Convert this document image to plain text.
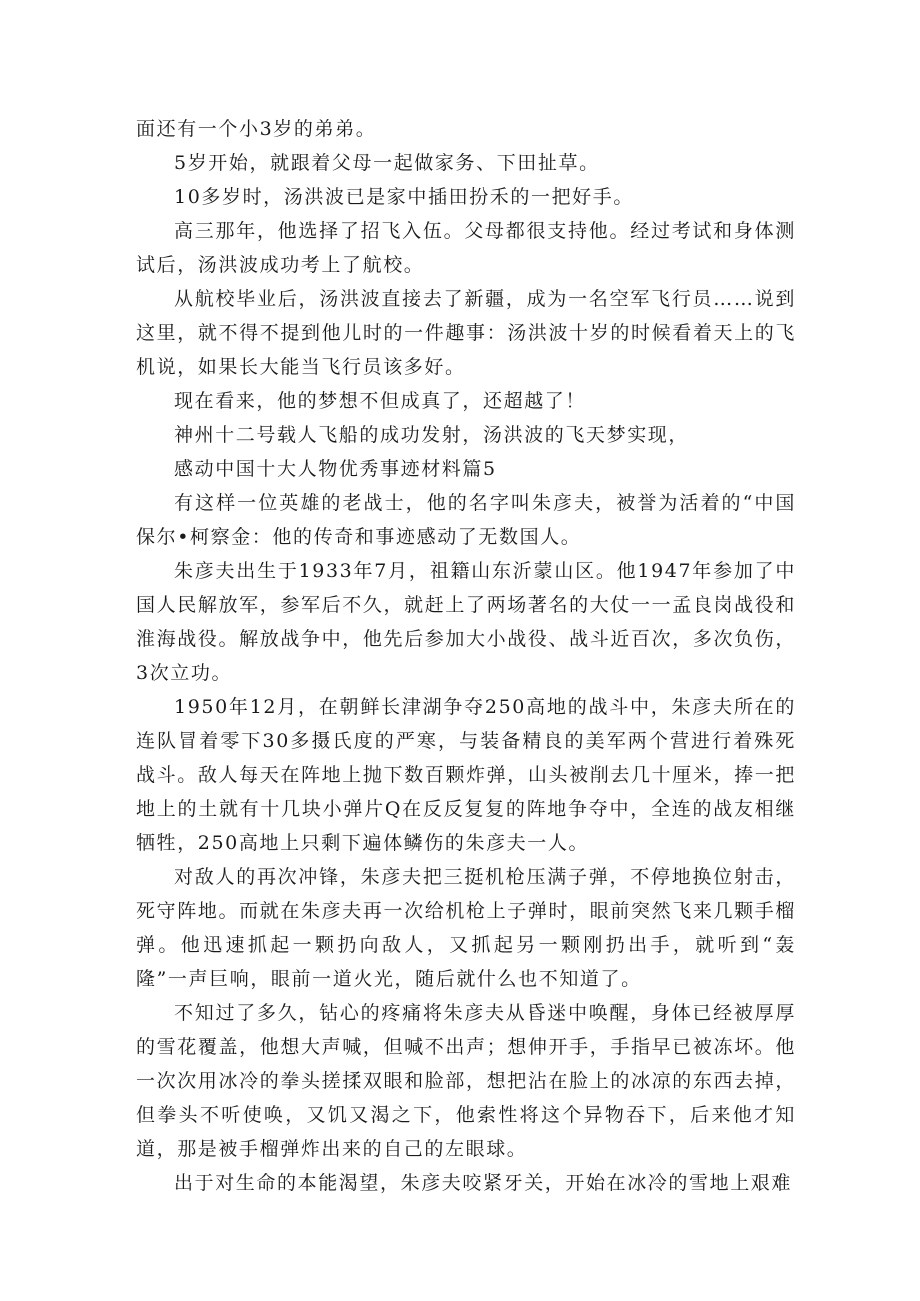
面还有一个小3岁的弟弟。

5岁开始，就跟着父母一起做家务、下田扯草。

10多岁时，汤洪波已是家中插田扮禾的一把好手。

高三那年，他选择了招飞入伍。父母都很支持他。经过考试和身体测试后，汤洪波成功考上了航校。

从航校毕业后，汤洪波直接去了新疆，成为一名空军飞行员……说到这里，就不得不提到他儿时的一件趣事：汤洪波十岁的时候看着天上的飞机说，如果长大能当飞行员该多好。

现在看来，他的梦想不但成真了，还超越了！

神州十二号载人飞船的成功发射，汤洪波的飞天梦实现，

感动中国十大人物优秀事迹材料篇5

有这样一位英雄的老战士，他的名字叫朱彦夫，被誉为活着的“中国保尔•柯察金：他的传奇和事迹感动了无数国人。

朱彦夫出生于1933年7月，祖籍山东沂蒙山区。他1947年参加了中国人民解放军，参军后不久，就赶上了两场著名的大仗一一孟良岗战役和淮海战役。解放战争中，他先后参加大小战役、战斗近百次，多次负伤，3次立功。

1950年12月，在朝鲜长津湖争夺250高地的战斗中，朱彦夫所在的连队冒着零下30多摄氏度的严寒，与装备精良的美军两个营进行着殊死战斗。敌人每天在阵地上抛下数百颗炸弹，山头被削去几十厘米，捧一把地上的土就有十几块小弹片Q在反反复复的阵地争夺中，全连的战友相继牺牲，250高地上只剩下遍体鳞伤的朱彦夫一人。

对敌人的再次冲锋，朱彦夫把三挺机枪压满子弹，不停地换位射击，死守阵地。而就在朱彦夫再一次给机枪上子弹时，眼前突然飞来几颗手榴弹。他迅速抓起一颗扔向敌人，又抓起另一颗刚扔出手，就听到“轰隆”一声巨响，眼前一道火光，随后就什么也不知道了。

不知过了多久，钻心的疼痛将朱彦夫从昏迷中唤醒，身体已经被厚厚的雪花覆盖，他想大声喊，但喊不出声；想伸开手，手指早已被冻坏。他一次次用冰冷的拳头搓揉双眼和脸部，想把沾在脸上的冰凉的东西去掉，但拳头不听使唤，又饥又渴之下，他索性将这个异物吞下，后来他才知道，那是被手榴弹炸出来的自己的左眼球。

出于对生命的本能渴望，朱彦夫咬紧牙关，开始在冰冷的雪地上艰难
